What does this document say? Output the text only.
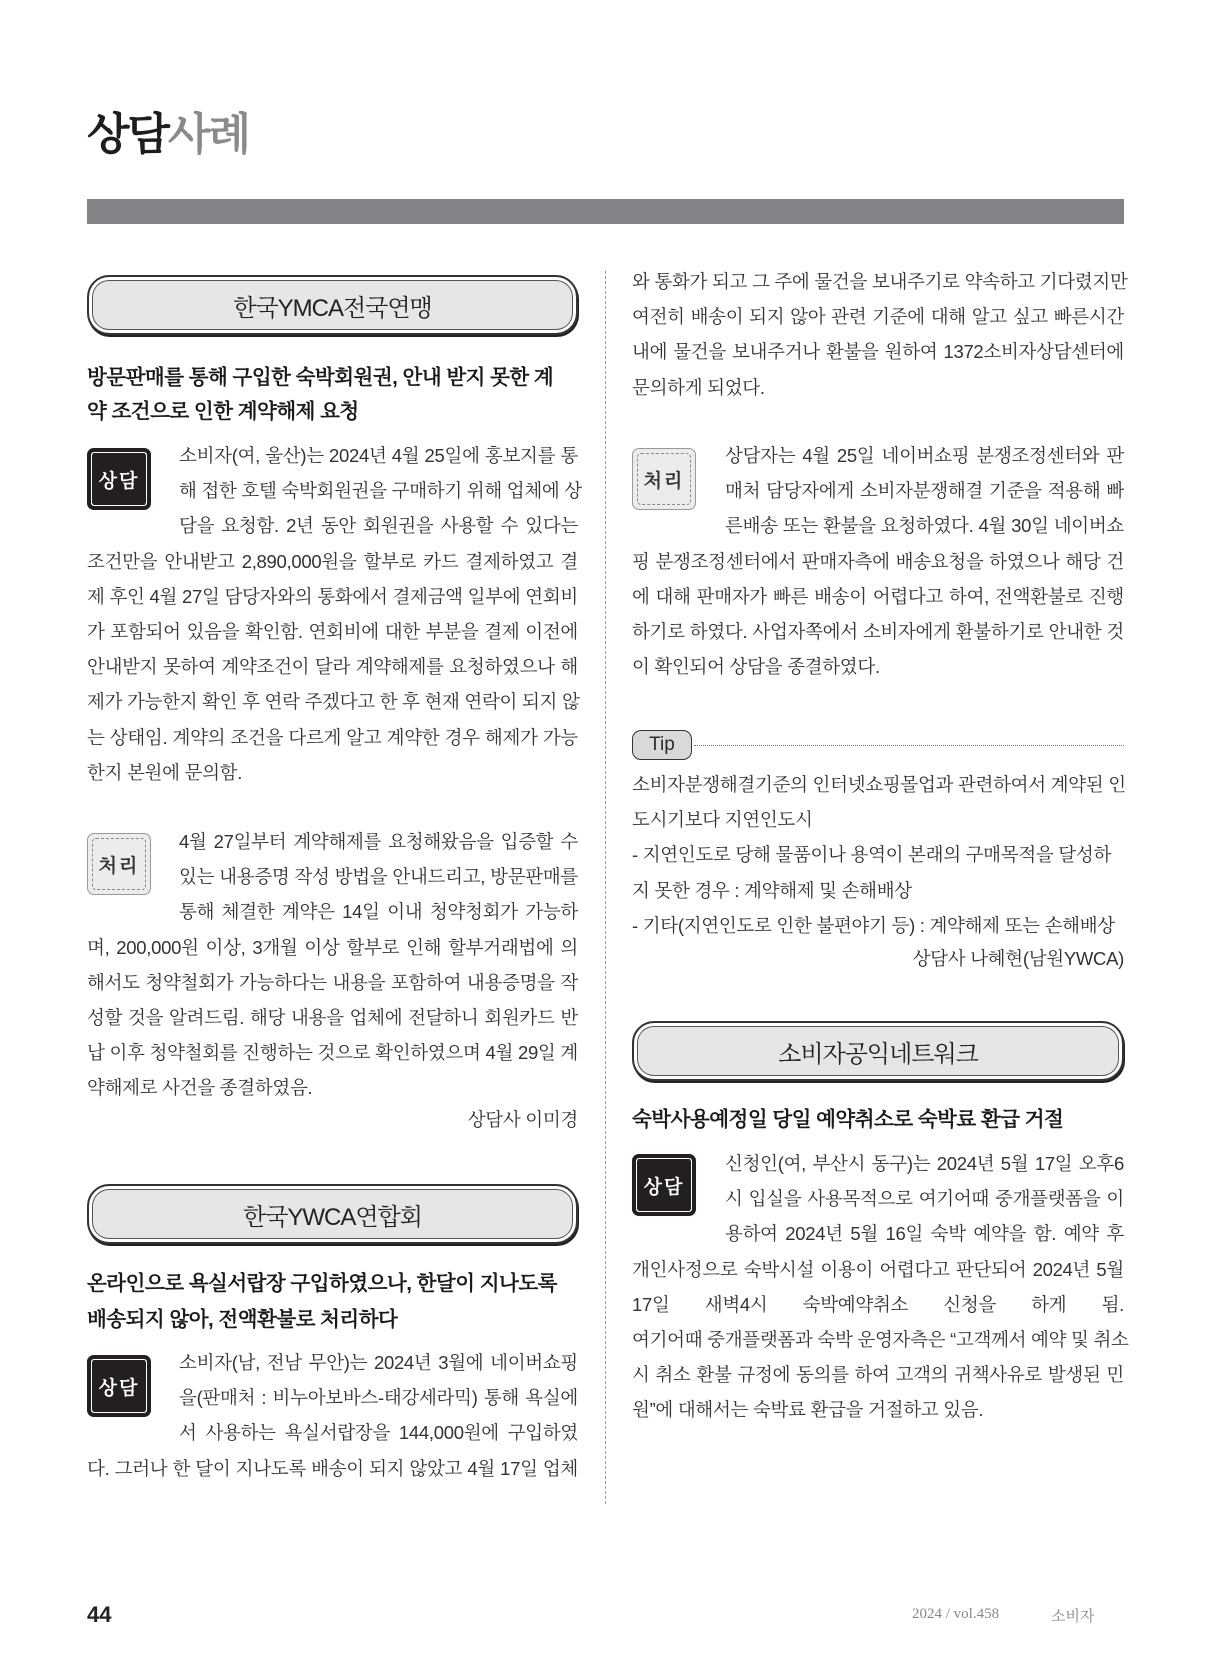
상담사례
한국YMCA전국연맹
방문판매를 통해 구입한 숙박회원권, 안내 받지 못한 계
약 조건으로 인한 계약해제 요청
상담
소비자(여, 울산)는 2024년 4월 25일에 홍보지를 통
해 접한 호텔 숙박회원권을 구매하기 위해 업체에 상
담을 요청함. 2년 동안 회원권을 사용할 수 있다는
조건만을 안내받고 2,890,000원을 할부로 카드 결제하였고 결
제 후인 4월 27일 담당자와의 통화에서 결제금액 일부에 연회비
가 포함되어 있음을 확인함. 연회비에 대한 부분을 결제 이전에
안내받지 못하여 계약조건이 달라 계약해제를 요청하였으나 해
제가 가능한지 확인 후 연락 주겠다고 한 후 현재 연락이 되지 않
는 상태임. 계약의 조건을 다르게 알고 계약한 경우 해제가 가능
한지 본원에 문의함.
처리
4월 27일부터 계약해제를 요청해왔음을 입증할 수
있는 내용증명 작성 방법을 안내드리고, 방문판매를
통해 체결한 계약은 14일 이내 청약청회가 가능하
며, 200,000원 이상, 3개월 이상 할부로 인해 할부거래법에 의
해서도 청약철회가 가능하다는 내용을 포함하여 내용증명을 작
성할 것을 알려드림. 해당 내용을 업체에 전달하니 회원카드 반
납 이후 청약철회를 진행하는 것으로 확인하였으며 4월 29일 계
약해제로 사건을 종결하였음.
상담사 이미경
한국YWCA연합회
온라인으로 욕실서랍장 구입하였으나, 한달이 지나도록
배송되지 않아, 전액환불로 처리하다
상담
소비자(남, 전남 무안)는 2024년 3월에 네이버쇼핑
을(판매처 : 비누아보바스-태강세라믹) 통해 욕실에
서 사용하는 욕실서랍장을 144,000원에 구입하였
다. 그러나 한 달이 지나도록 배송이 되지 않았고 4월 17일 업체
와 통화가 되고 그 주에 물건을 보내주기로 약속하고 기다렸지만
여전히 배송이 되지 않아 관련 기준에 대해 알고 싶고 빠른시간
내에 물건을 보내주거나 환불을 원하여 1372소비자상담센터에
문의하게 되었다.
처리
상담자는 4월 25일 네이버쇼핑 분쟁조정센터와 판
매처 담당자에게 소비자분쟁해결 기준을 적용해 빠
른배송 또는 환불을 요청하였다. 4월 30일 네이버쇼
핑 분쟁조정센터에서 판매자측에 배송요청을 하였으나 해당 건
에 대해 판매자가 빠른 배송이 어렵다고 하여, 전액환불로 진행
하기로 하였다. 사업자쪽에서 소비자에게 환불하기로 안내한 것
이 확인되어 상담을 종결하였다.
Tip
소비자분쟁해결기준의 인터넷쇼핑몰업과 관련하여서 계약된 인
도시기보다 지연인도시
- 지연인도로 당해 물품이나 용역이 본래의 구매목적을 달성하
지 못한 경우 : 계약해제 및 손해배상
- 기타(지연인도로 인한 불편야기 등) : 계약해제 또는 손해배상
상담사 나혜현(남원YWCA)
소비자공익네트워크
숙박사용예정일 당일 예약취소로 숙박료 환급 거절
상담
신청인(여, 부산시 동구)는 2024년 5월 17일 오후6
시 입실을 사용목적으로 여기어때 중개플랫폼을 이
용하여 2024년 5월 16일 숙박 예약을 함. 예약 후
개인사정으로 숙박시설 이용이 어렵다고 판단되어 2024년 5월
17일 새벽4시 숙박예약취소 신청을 하게 됨.
여기어때 중개플랫폼과 숙박 운영자측은 “고객께서 예약 및 취소
시 취소 환불 규정에 동의를 하여 고객의 귀책사유로 발생된 민
원”에 대해서는 숙박료 환급을 거절하고 있음.
44	2024 / vol.458	소비자
